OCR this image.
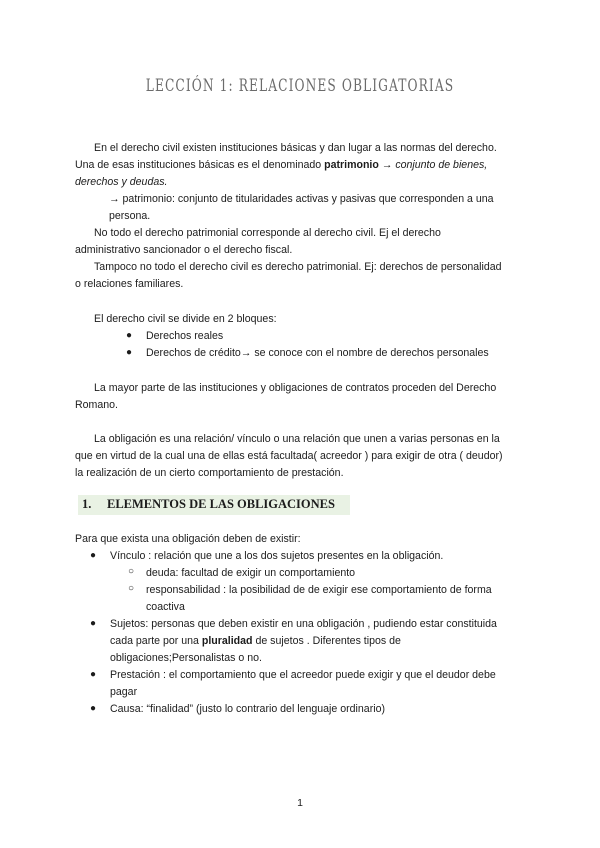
LECCIÓN 1: RELACIONES OBLIGATORIAS
En el derecho civil existen instituciones básicas y dan lugar a las normas del derecho.
Una de esas instituciones básicas es el denominado patrimonio → conjunto de bienes,
derechos y deudas.
→ patrimonio: conjunto de titularidades activas y pasivas que corresponden a una
persona.
No todo el derecho patrimonial corresponde al derecho civil. Ej el derecho
administrativo sancionador o el derecho fiscal.
Tampoco no todo el derecho civil es derecho patrimonial. Ej: derechos de personalidad
o relaciones familiares.
El derecho civil se divide en 2 bloques:
● Derechos reales
● Derechos de crédito→ se conoce con el nombre de derechos personales
La mayor parte de las instituciones y obligaciones de contratos proceden del Derecho
Romano.
La obligación es una relación/ vínculo o una relación que unen a varias personas en la
que en virtud de la cual una de ellas está facultada( acreedor ) para exigir de otra ( deudor)
la realización de un cierto comportamiento de prestación.
1. ELEMENTOS DE LAS OBLIGACIONES
Para que exista una obligación deben de existir:
● Vínculo : relación que une a los dos sujetos presentes en la obligación.
○ deuda: facultad de exigir un comportamiento
○ responsabilidad : la posibilidad de de exigir ese comportamiento de forma
coactiva
● Sujetos: personas que deben existir en una obligación , pudiendo estar constituida
cada parte por una pluralidad de sujetos . Diferentes tipos de
obligaciones;Personalistas o no.
● Prestación : el comportamiento que el acreedor puede exigir y que el deudor debe
pagar
● Causa: “finalidad” (justo lo contrario del lenguaje ordinario)
1
